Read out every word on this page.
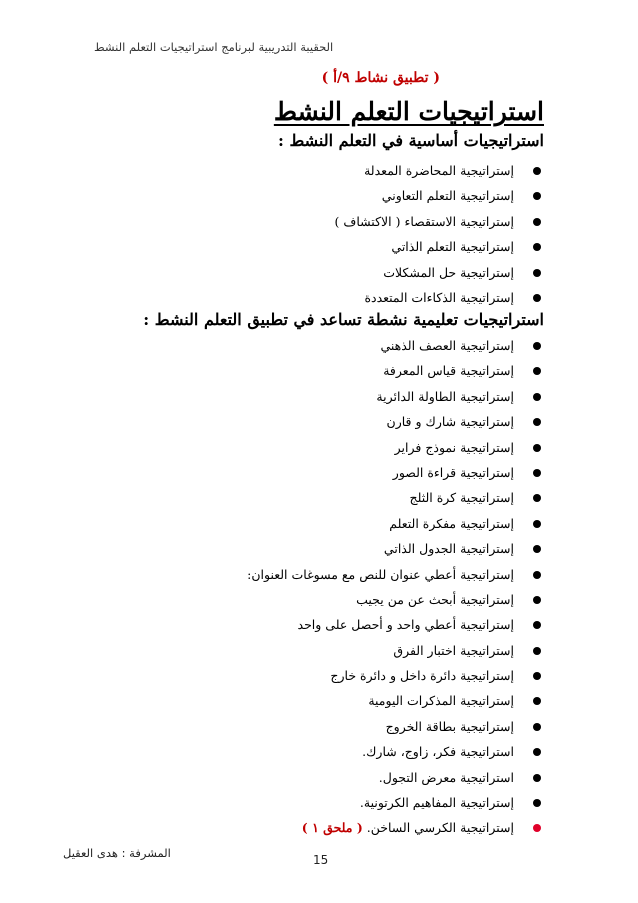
الحقيبة التدريبية لبرنامج استراتيجيات التعلم النشط
( تطبيق نشاط ٩/أ )
استراتيجيات التعلم النشط
استراتيجيات أساسية في التعلم النشط :
إستراتيجية المحاضرة المعدلة
إستراتيجية التعلم التعاوني
إستراتيجية الاستقصاء ( الاكتشاف )
إستراتيجية التعلم الذاتي
إستراتيجية حل المشكلات
إستراتيجية الذكاءات المتعددة
استراتيجيات تعليمية نشطة تساعد في تطبيق التعلم النشط :
إستراتيجية العصف الذهني
إستراتيجية قياس المعرفة
إستراتيجية الطاولة الدائرية
إستراتيجية شارك و قارن
إستراتيجية نموذج فراير
إستراتيجية قراءة الصور
إستراتيجية كرة الثلج
إستراتيجية مفكرة التعلم
إستراتيجية الجدول الذاتي
إستراتيجية أعطي عنوان للنص مع مسوغات العنوان:
إستراتيجية أبحث عن من يجيب
إستراتيجية أعطي واحد و أحصل على واحد
إستراتيجية اختبار الفرق
إستراتيجية دائرة داخل و دائرة خارج
إستراتيجية المذكرات اليومية
إستراتيجية بطاقة الخروج
استراتيجية فكر، زاوج، شارك.
استراتيجية معرض التجول.
إستراتيجية المفاهيم الكرتونية.
إستراتيجية الكرسي الساخن. ( ملحق ١ )
المشرفة : هدى العقيل	15
